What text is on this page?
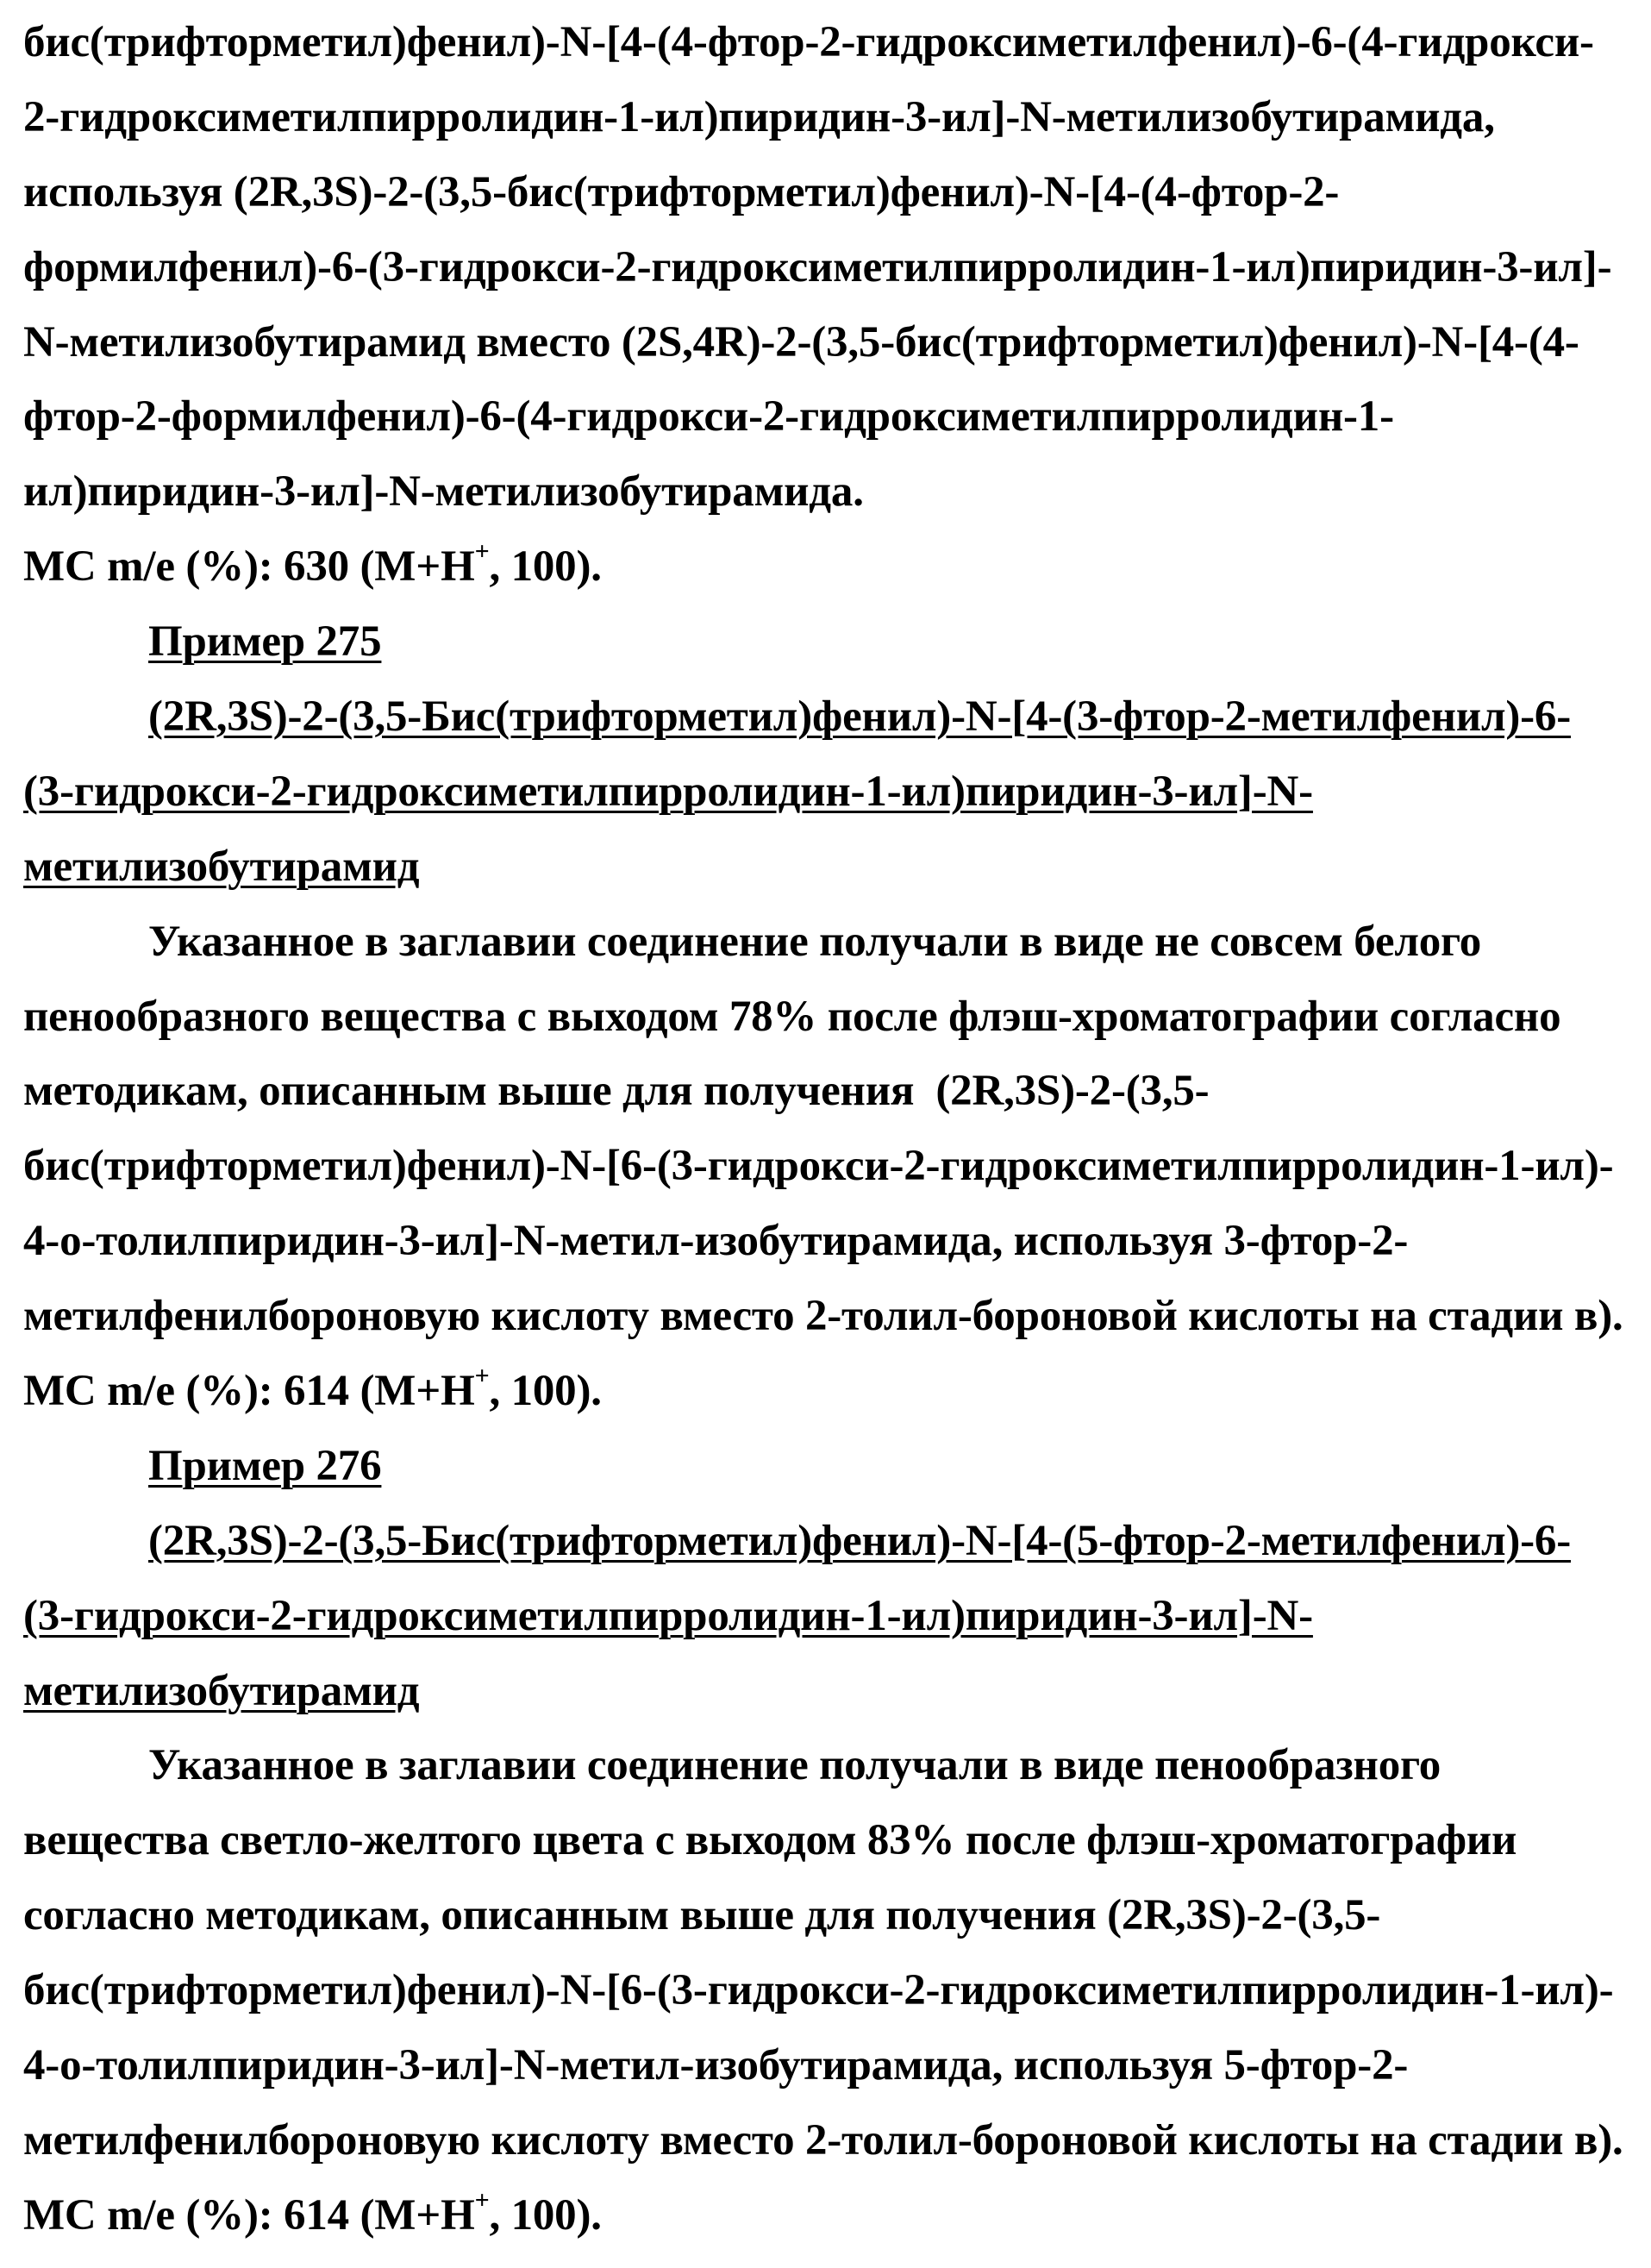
бис(трифторметил)фенил)-N-[4-(4-фтор-2-гидроксиметилфенил)-6-(4-гидрокси-
2-гидроксиметилпирролидин-1-ил)пиридин-3-ил]-N-метилизобутирамида,
используя (2R,3S)-2-(3,5-бис(трифторметил)фенил)-N-[4-(4-фтор-2-
формилфенил)-6-(3-гидрокси-2-гидроксиметилпирролидин-1-ил)пиридин-3-ил]-
N-метилизобутирамид вместо (2S,4R)-2-(3,5-бис(трифторметил)фенил)-N-[4-(4-
фтор-2-формилфенил)-6-(4-гидрокси-2-гидроксиметилпирролидин-1-
ил)пиридин-3-ил]-N-метилизобутирамида.
MC m/e (%): 630 (M+H+, 100).
Пример 275
(2R,3S)-2-(3,5-Бис(трифторметил)фенил)-N-[4-(3-фтор-2-метилфенил)-6-
(3-гидрокси-2-гидроксиметилпирролидин-1-ил)пиридин-3-ил]-N-
метилизобутирамид
Указанное в заглавии соединение получали в виде не совсем белого
пенообразного вещества с выходом 78% после флэш-хроматографии согласно
методикам, описанным выше для получения  (2R,3S)-2-(3,5-
бис(трифторметил)фенил)-N-[6-(3-гидрокси-2-гидроксиметилпирролидин-1-ил)-
4-о-толилпиридин-3-ил]-N-метил-изобутирамида, используя 3-фтор-2-
метилфенилбороновую кислоту вместо 2-толил-бороновой кислоты на стадии в).
MC m/e (%): 614 (M+H+, 100).
Пример 276
(2R,3S)-2-(3,5-Бис(трифторметил)фенил)-N-[4-(5-фтор-2-метилфенил)-6-
(3-гидрокси-2-гидроксиметилпирролидин-1-ил)пиридин-3-ил]-N-
метилизобутирамид
Указанное в заглавии соединение получали в виде пенообразного
вещества светло-желтого цвета с выходом 83% после флэш-хроматографии
согласно методикам, описанным выше для получения (2R,3S)-2-(3,5-
бис(трифторметил)фенил)-N-[6-(3-гидрокси-2-гидроксиметилпирролидин-1-ил)-
4-о-толилпиридин-3-ил]-N-метил-изобутирамида, используя 5-фтор-2-
метилфенилбороновую кислоту вместо 2-толил-бороновой кислоты на стадии в).
MC m/e (%): 614 (M+H+, 100).
